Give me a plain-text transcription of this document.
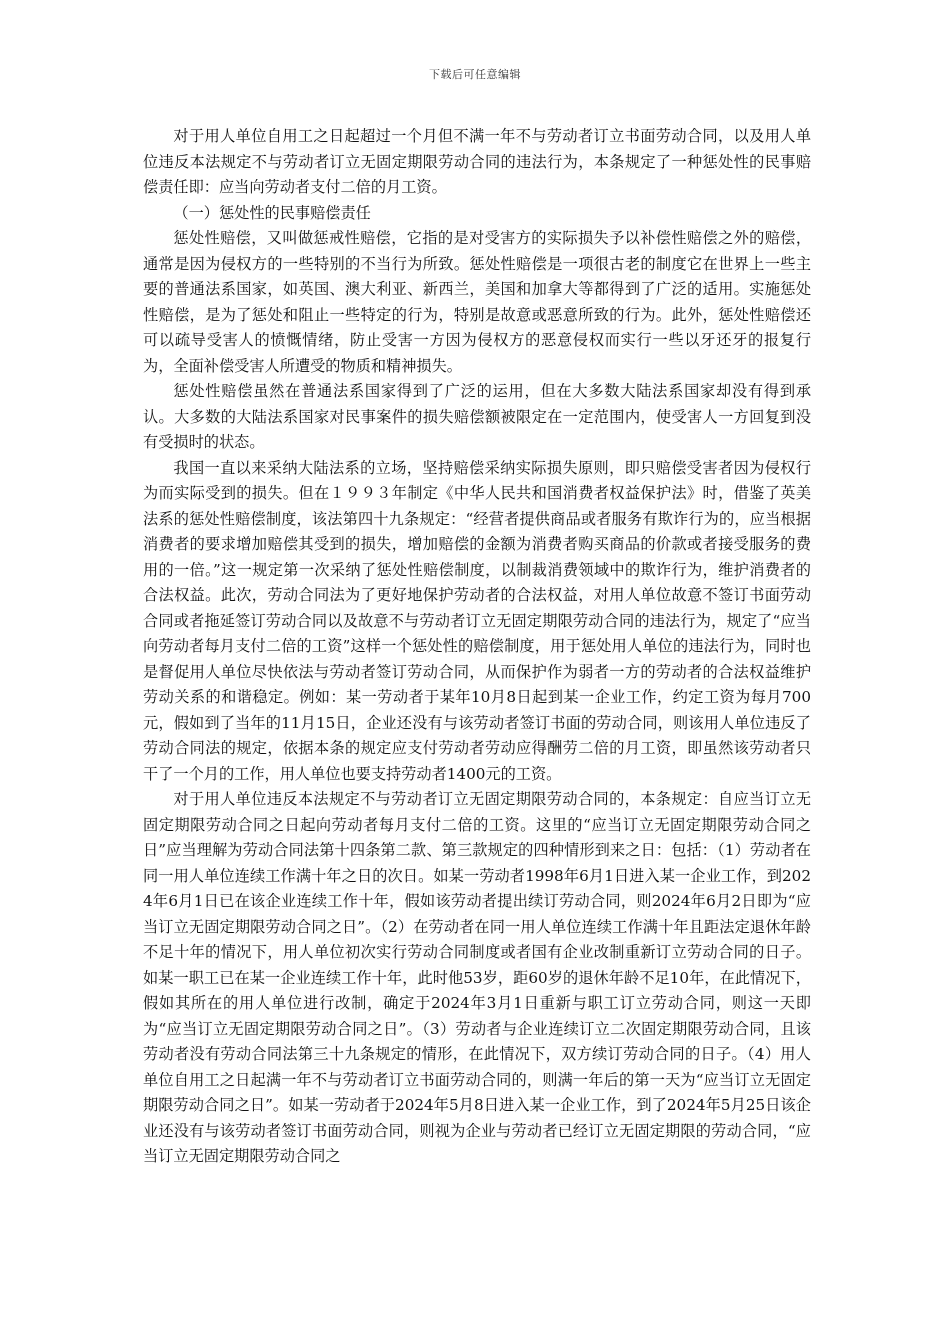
下载后可任意编辑

对于用人单位自用工之日起超过一个月但不满一年不与劳动者订立书面劳动合同，以及用人单位违反本法规定不与劳动者订立无固定期限劳动合同的违法行为，本条规定了一种惩处性的民事赔偿责任即：应当向劳动者支付二倍的月工资。

（一）惩处性的民事赔偿责任

惩处性赔偿，又叫做惩戒性赔偿，它指的是对受害方的实际损失予以补偿性赔偿之外的赔偿，通常是因为侵权方的一些特别的不当行为所致。惩处性赔偿是一项很古老的制度它在世界上一些主要的普通法系国家，如英国、澳大利亚、新西兰，美国和加拿大等都得到了广泛的适用。实施惩处性赔偿，是为了惩处和阻止一些特定的行为，特别是故意或恶意所致的行为。此外，惩处性赔偿还可以疏导受害人的愤慨情绪，防止受害一方因为侵权方的恶意侵权而实行一些以牙还牙的报复行为，全面补偿受害人所遭受的物质和精神损失。

惩处性赔偿虽然在普通法系国家得到了广泛的运用，但在大多数大陆法系国家却没有得到承认。大多数的大陆法系国家对民事案件的损失赔偿额被限定在一定范围内，使受害人一方回复到没有受损时的状态。

我国一直以来采纳大陆法系的立场，坚持赔偿采纳实际损失原则，即只赔偿受害者因为侵权行为而实际受到的损失。但在１９９３年制定《中华人民共和国消费者权益保护法》时，借鉴了英美法系的惩处性赔偿制度，该法第四十九条规定：“经营者提供商品或者服务有欺诈行为的，应当根据消费者的要求增加赔偿其受到的损失，增加赔偿的金额为消费者购买商品的价款或者接受服务的费用的一倍。”这一规定第一次采纳了惩处性赔偿制度，以制裁消费领域中的欺诈行为，维护消费者的合法权益。此次，劳动合同法为了更好地保护劳动者的合法权益，对用人单位故意不签订书面劳动合同或者拖延签订劳动合同以及故意不与劳动者订立无固定期限劳动合同的违法行为，规定了“应当向劳动者每月支付二倍的工资”这样一个惩处性的赔偿制度，用于惩处用人单位的违法行为，同时也是督促用人单位尽快依法与劳动者签订劳动合同，从而保护作为弱者一方的劳动者的合法权益维护劳动关系的和谐稳定。例如：某一劳动者于某年10月8日起到某一企业工作，约定工资为每月700元，假如到了当年的11月15日，企业还没有与该劳动者签订书面的劳动合同，则该用人单位违反了劳动合同法的规定，依据本条的规定应支付劳动者劳动应得酬劳二倍的月工资，即虽然该劳动者只干了一个月的工作，用人单位也要支持劳动者1400元的工资。

对于用人单位违反本法规定不与劳动者订立无固定期限劳动合同的，本条规定：自应当订立无固定期限劳动合同之日起向劳动者每月支付二倍的工资。这里的“应当订立无固定期限劳动合同之日”应当理解为劳动合同法第十四条第二款、第三款规定的四种情形到来之日：包括：（1）劳动者在同一用人单位连续工作满十年之日的次日。如某一劳动者1998年6月1日进入某一企业工作，到2024年6月1日已在该企业连续工作十年，假如该劳动者提出续订劳动合同，则2024年6月2日即为“应当订立无固定期限劳动合同之日”。（2）在劳动者在同一用人单位连续工作满十年且距法定退休年龄不足十年的情况下，用人单位初次实行劳动合同制度或者国有企业改制重新订立劳动合同的日子。如某一职工已在某一企业连续工作十年，此时他53岁，距60岁的退休年龄不足10年，在此情况下，假如其所在的用人单位进行改制，确定于2024年3月1日重新与职工订立劳动合同，则这一天即为“应当订立无固定期限劳动合同之日”。（3）劳动者与企业连续订立二次固定期限劳动合同，且该劳动者没有劳动合同法第三十九条规定的情形，在此情况下，双方续订劳动合同的日子。（4）用人单位自用工之日起满一年不与劳动者订立书面劳动合同的，则满一年后的第一天为“应当订立无固定期限劳动合同之日”。如某一劳动者于2024年5月8日进入某一企业工作，到了2024年5月25日该企业还没有与该劳动者签订书面劳动合同，则视为企业与劳动者已经订立无固定期限的劳动合同，“应当订立无固定期限劳动合同之
